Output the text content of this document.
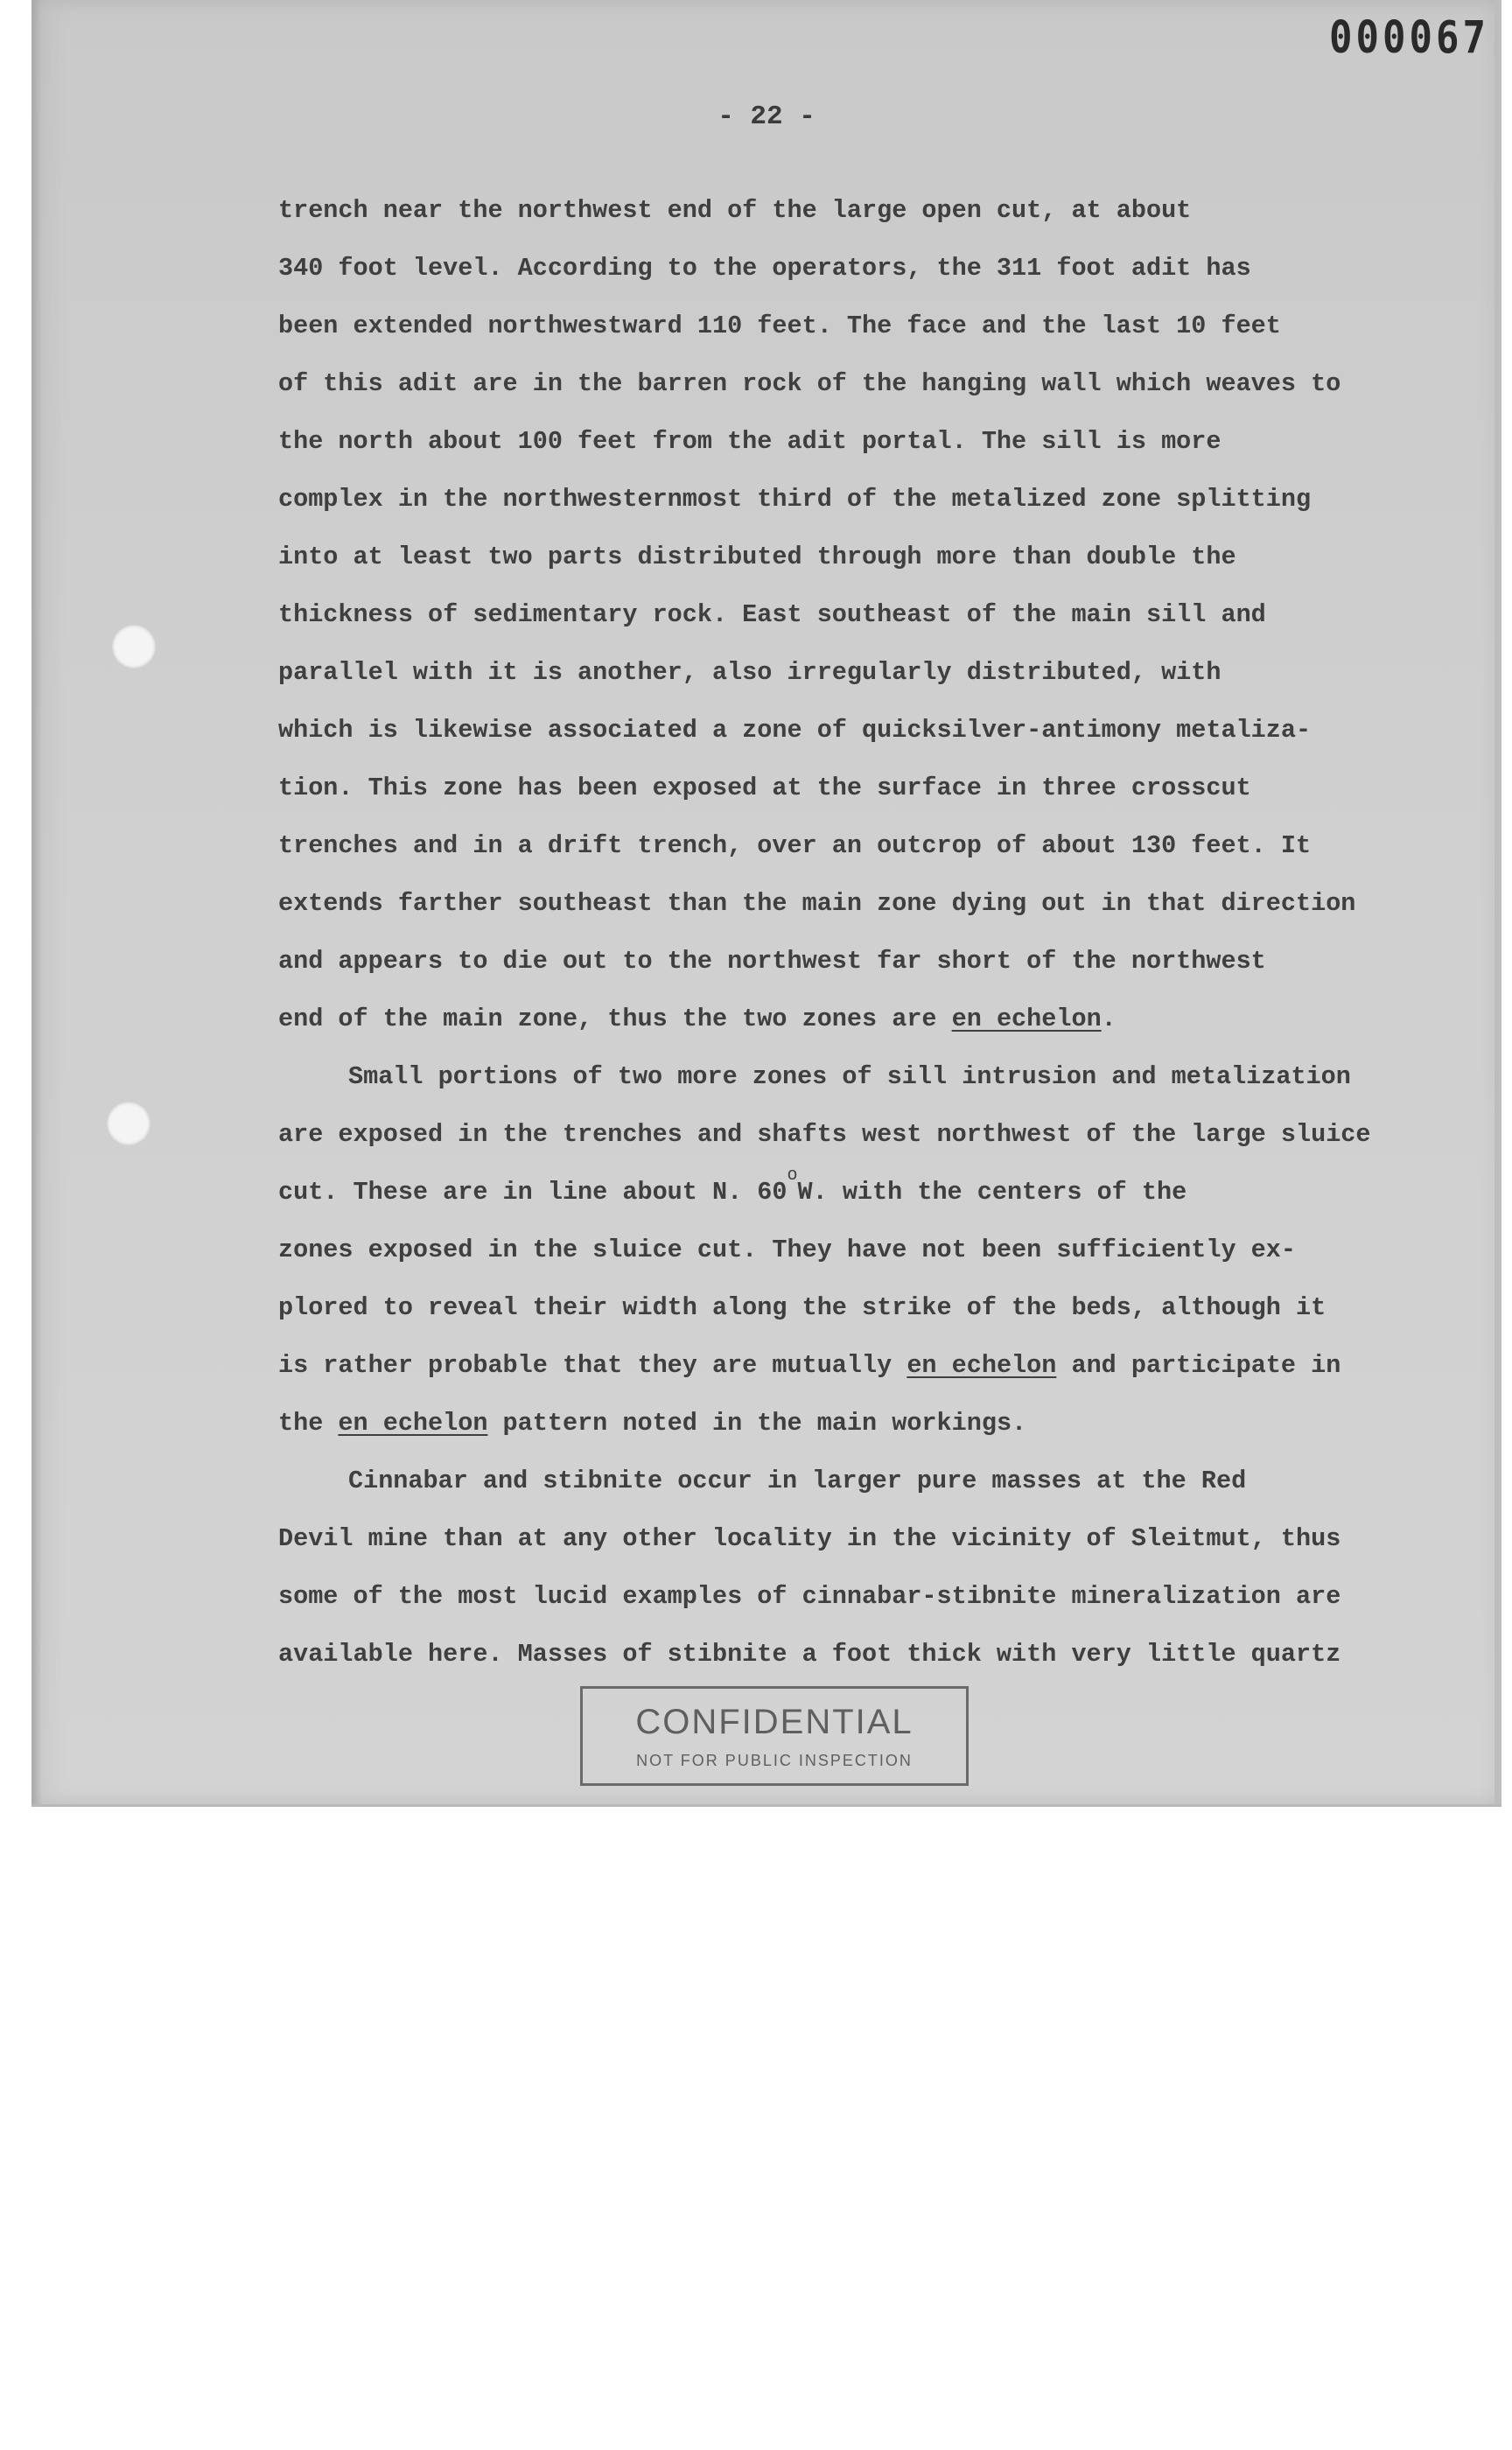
000067
- 22 -
trench near the northwest end of the large open cut, at about
340 foot level. According to the operators, the 311 foot adit has
been extended northwestward 110 feet. The face and the last 10 feet
of this adit are in the barren rock of the hanging wall which weaves to
the north about 100 feet from the adit portal. The sill is more
complex in the northwesternmost third of the metalized zone splitting
into at least two parts distributed through more than double the
thickness of sedimentary rock. East southeast of the main sill and
parallel with it is another, also irregularly distributed, with
which is likewise associated a zone of quicksilver-antimony metaliza-
tion. This zone has been exposed at the surface in three crosscut
trenches and in a drift trench, over an outcrop of about 130 feet. It
extends farther southeast than the main zone dying out in that direction
and appears to die out to the northwest far short of the northwest
end of the main zone, thus the two zones are en echelon.
Small portions of two more zones of sill intrusion and metalization
are exposed in the trenches and shafts west northwest of the large sluice
cut. These are in line about N. 60$^o$W. with the centers of the
zones exposed in the sluice cut. They have not been sufficiently ex-
plored to reveal their width along the strike of the beds, although it
is rather probable that they are mutually en echelon and participate in
the en echelon pattern noted in the main workings.
Cinnabar and stibnite occur in larger pure masses at the Red
Devil mine than at any other locality in the vicinity of Sleitmut, thus
some of the most lucid examples of cinnabar-stibnite mineralization are
available here. Masses of stibnite a foot thick with very little quartz
CONFIDENTIAL
NOT FOR PUBLIC INSPECTION
